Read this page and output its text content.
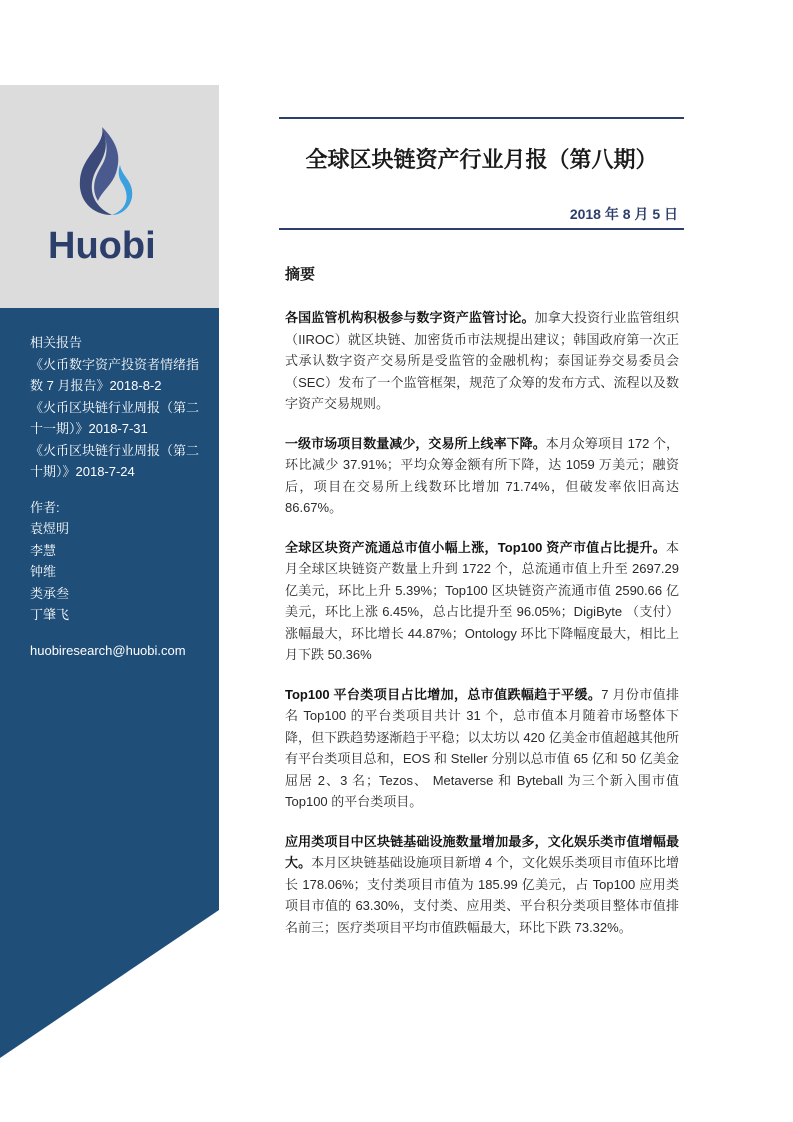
Huobi

相关报告

《火币数字资产投资者情绪指数 7 月报告》2018-8-2

《火币区块链行业周报（第二十一期）》2018-7-31

《火币区块链行业周报（第二十期）》2018-7-24

作者:

袁煜明

李慧

钟维

类承叁

丁肇飞

huobiresearch@huobi.com

全球区块链资产行业月报（第八期）
2018 年 8 月 5 日
摘要

各国监管机构积极参与数字资产监管讨论。加拿大投资行业监管组织（IIROC）就区块链、加密货币市法规提出建议；韩国政府第一次正式承认数字资产交易所是受监管的金融机构；泰国证券交易委员会（SEC）发布了一个监管框架，规范了众筹的发布方式、流程以及数字资产交易规则。

一级市场项目数量减少，交易所上线率下降。本月众筹项目 172 个，环比减少 37.91%；平均众筹金额有所下降，达 1059 万美元；融资后，项目在交易所上线数环比增加 71.74%，但破发率依旧高达 86.67%。

全球区块资产流通总市值小幅上涨，Top100 资产市值占比提升。本月全球区块链资产数量上升到 1722 个，总流通市值上升至 2697.29 亿美元，环比上升 5.39%；Top100 区块链资产流通市值 2590.66 亿美元，环比上涨 6.45%，总占比提升至 96.05%；DigiByte （支付）涨幅最大，环比增长 44.87%；Ontology 环比下降幅度最大，相比上月下跌 50.36%

Top100 平台类项目占比增加，总市值跌幅趋于平缓。7 月份市值排名 Top100 的平台类项目共计 31 个，总市值本月随着市场整体下降，但下跌趋势逐渐趋于平稳；以太坊以 420 亿美金市值超越其他所有平台类项目总和，EOS 和 Steller 分别以总市值 65 亿和 50 亿美金屈居 2、3 名；Tezos、 Metaverse 和 Byteball 为三个新入围市值 Top100 的平台类项目。

应用类项目中区块链基础设施数量增加最多，文化娱乐类市值增幅最大。本月区块链基础设施项目新增 4 个，文化娱乐类项目市值环比增长 178.06%；支付类项目市值为 185.99 亿美元，占 Top100 应用类项目市值的 63.30%，支付类、应用类、平台积分类项目整体市值排名前三；医疗类项目平均市值跌幅最大，环比下跌 73.32%。
